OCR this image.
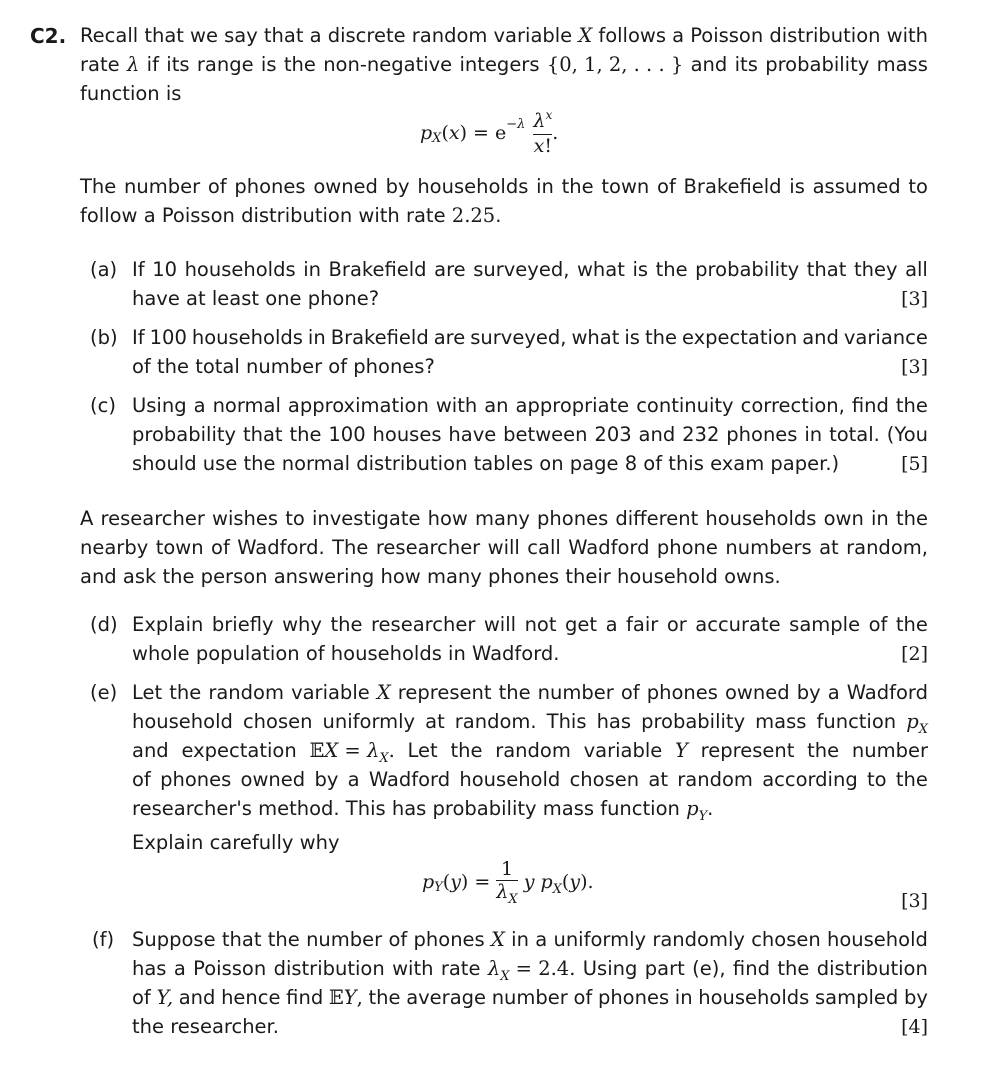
C2. Recall that we say that a discrete random variable X follows a Poisson distribution with
rate λ if its range is the non-negative integers {0, 1, 2, . . . } and its probability mass
function is
p X ( x ) = e − λ $\frac{\lambda^x}{x!}$ .
The number of phones owned by households in the town of Brakefield is assumed to
follow a Poisson distribution with rate 2.25.
(a) If 10 households in Brakefield are surveyed, what is the probability that they all
have at least one phone?	[3]
(b) If 100 households in Brakefield are surveyed, what is the expectation and variance
of the total number of phones?	[3]
(c) Using a normal approximation with an appropriate continuity correction, find the
probability that the 100 houses have between 203 and 232 phones in total. (You
should use the normal distribution tables on page 8 of this exam paper.)	[5]
A researcher wishes to investigate how many phones different households own in the
nearby town of Wadford. The researcher will call Wadford phone numbers at random,
and ask the person answering how many phones their household owns.
(d) Explain briefly why the researcher will not get a fair or accurate sample of the
whole population of households in Wadford.	[2]
(e) Let the random variable X represent the number of phones owned by a Wadford
household chosen uniformly at random. This has probability mass function $p_X$
and expectation 𝔼X = $\lambda_X$. Let the random variable Y represent the number
of phones owned by a Wadford household chosen at random according to the
researcher's method. This has probability mass function $p_Y$.
Explain carefully why
p Y ( y ) = $\frac{1}{\lambda_X}$ y $p_X(y)$.
[3]
(f) Suppose that the number of phones X in a uniformly randomly chosen household
has a Poisson distribution with rate $\lambda_X = 2.4$. Using part (e), find the distribution
of Y, and hence find 𝔼Y, the average number of phones in households sampled by
the researcher.	[4]
